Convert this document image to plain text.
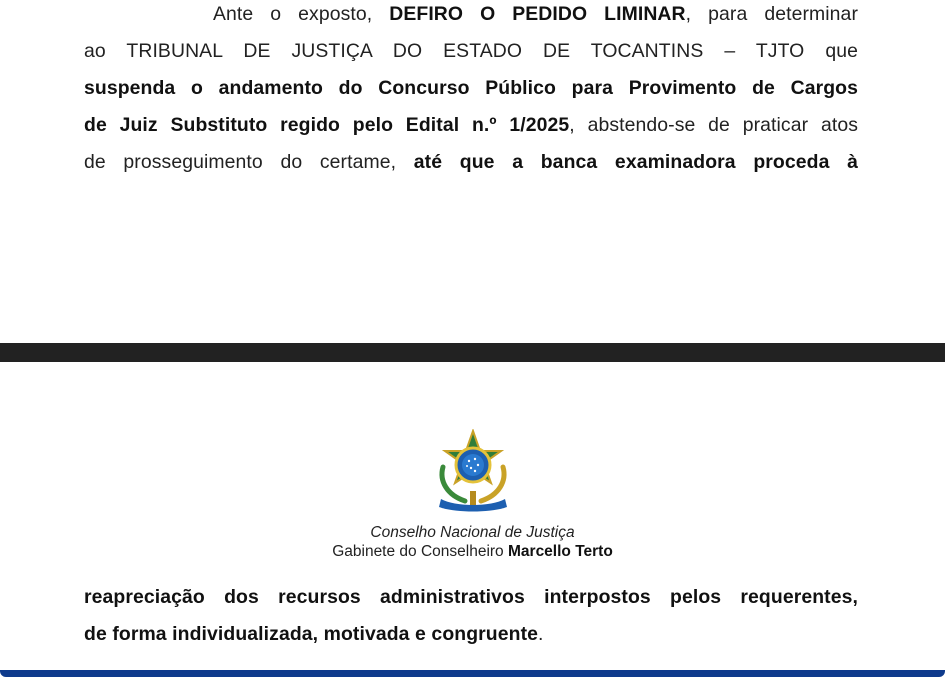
Ante o exposto, DEFIRO O PEDIDO LIMINAR, para determinar
ao TRIBUNAL DE JUSTIÇA DO ESTADO DE TOCANTINS – TJTO que
suspenda o andamento do Concurso Público para Provimento de Cargos
de Juiz Substituto regido pelo Edital n.º 1/2025, abstendo-se de praticar atos
de prosseguimento do certame, até que a banca examinadora proceda à

Conselho Nacional de Justiça
Gabinete do Conselheiro Marcello Terto

reapreciação dos recursos administrativos interpostos pelos requerentes,
de forma individualizada, motivada e congruente.
